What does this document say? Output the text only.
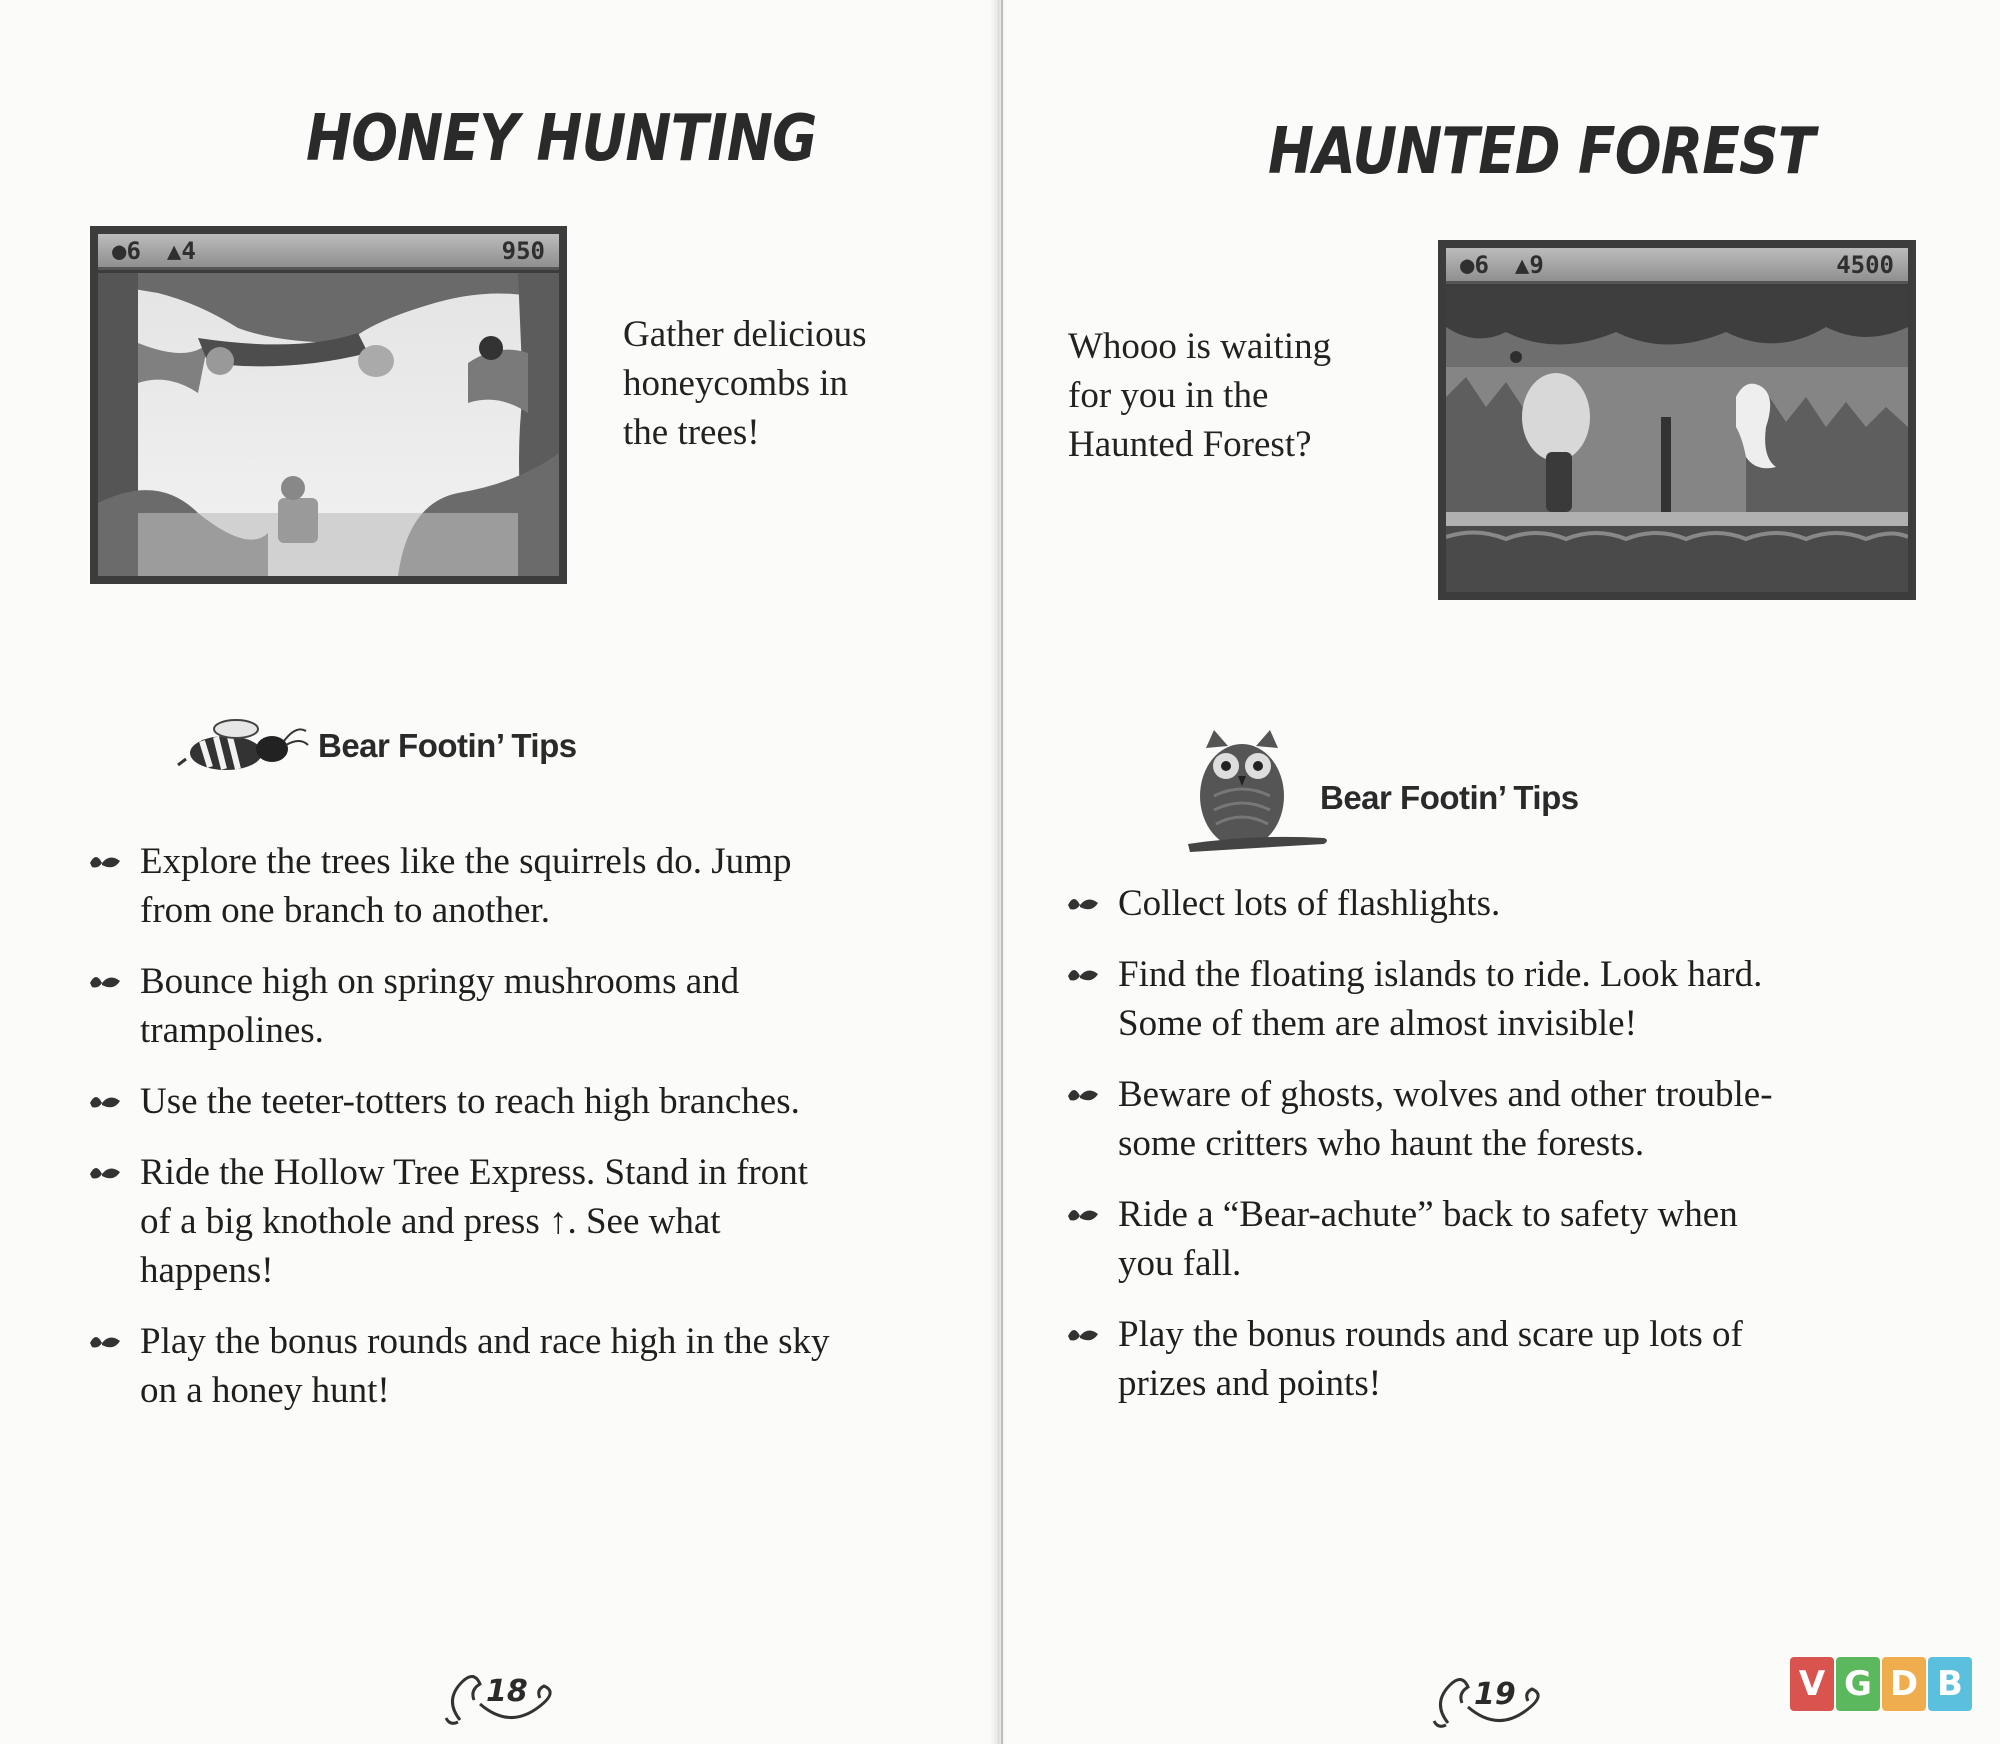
HONEY HUNTING
●6 ▲4	950

Gather delicious
honeycombs in
the trees!

Bear Footin’ Tips
Explore the trees like the squirrels do. Jump
from one branch to another.
Bounce high on springy mushrooms and
trampolines.
Use the teeter-totters to reach high branches.
Ride the Hollow Tree Express. Stand in front
of a big knothole and press ↑. See what
happens!
Play the bonus rounds and race high in the sky
on a honey hunt!
18
HAUNTED FOREST

Whooo is waiting
for you in the
Haunted Forest?

●6 ▲9	4500
Bear Footin’ Tips
Collect lots of flashlights.
Find the floating islands to ride. Look hard.
Some of them are almost invisible!
Beware of ghosts, wolves and other trouble-
some critters who haunt the forests.
Ride a “Bear-achute” back to safety when
you fall.
Play the bonus rounds and scare up lots of
prizes and points!
19	V G D B
